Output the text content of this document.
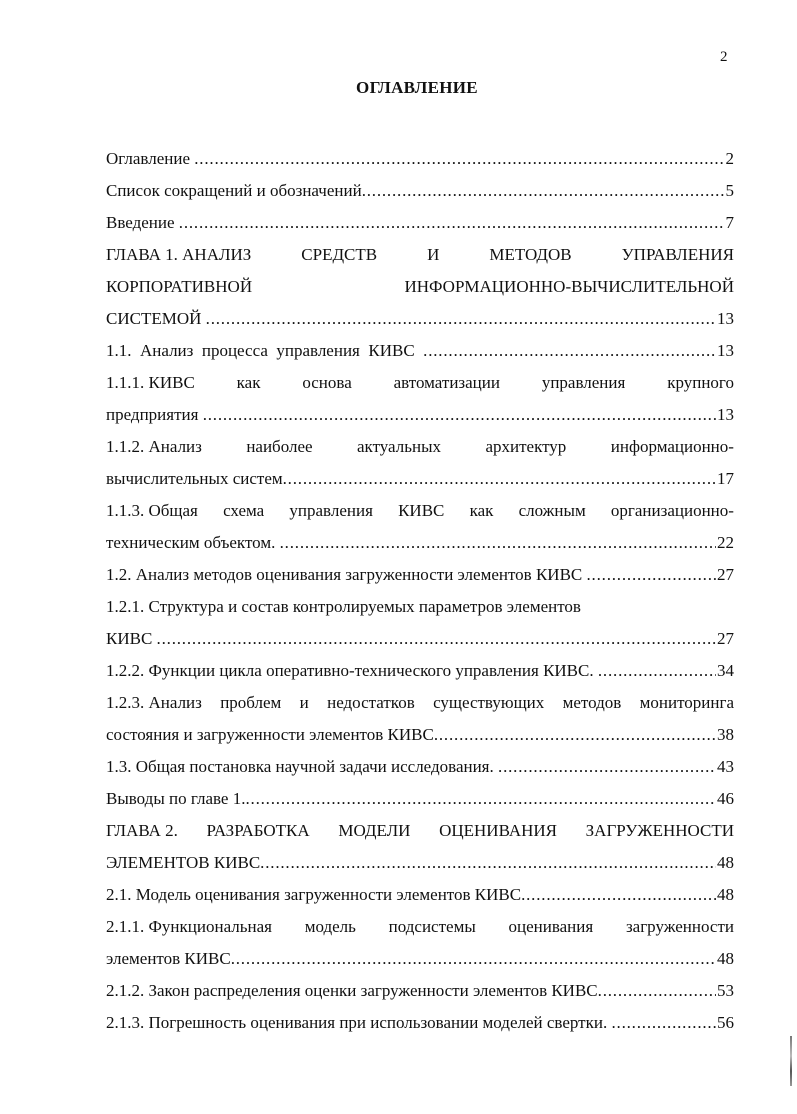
2
ОГЛАВЛЕНИЕ
Оглавление .....	2
Список сокращений и обозначений .....	5
Введение .....	7
ГЛАВА 1. АНАЛИЗ	СРЕДСТВ	И	МЕТОДОВ	УПРАВЛЕНИЯ
КОРПОРАТИВНОЙ	ИНФОРМАЦИОННО-ВЫЧИСЛИТЕЛЬНОЙ
СИСТЕМОЙ .....	13
1.1.  Анализ  процесса  управления  КИВС .....	13
1.1.1. КИВС как основа автоматизации управления крупного
предприятия .....	13
1.1.2. Анализ	наиболее	актуальных	архитектур	информационно-
вычислительных систем .....	17
1.1.3. Общая схема управления КИВС как сложным организационно-
техническим объектом. .....	22
1.2. Анализ методов оценивания загруженности элементов КИВС .....	27
1.2.1. Структура и состав контролируемых параметров элементов
КИВС .....	27
1.2.2. Функции цикла оперативно-технического управления КИВС. .....	34
1.2.3. Анализ проблем и недостатков существующих методов мониторинга
состояния и загруженности элементов КИВС .....	38
1.3. Общая постановка научной задачи исследования. .....	43
Выводы по главе 1. .....	46
ГЛАВА 2. РАЗРАБОТКА МОДЕЛИ ОЦЕНИВАНИЯ ЗАГРУЖЕННОСТИ
ЭЛЕМЕНТОВ КИВС .....	48
2.1. Модель оценивания загруженности элементов КИВС .....	48
2.1.1. Функциональная модель подсистемы оценивания загруженности
элементов КИВС .....	48
2.1.2. Закон распределения оценки загруженности элементов КИВС .....	53
2.1.3. Погрешность оценивания при использовании моделей свертки. .....	56
